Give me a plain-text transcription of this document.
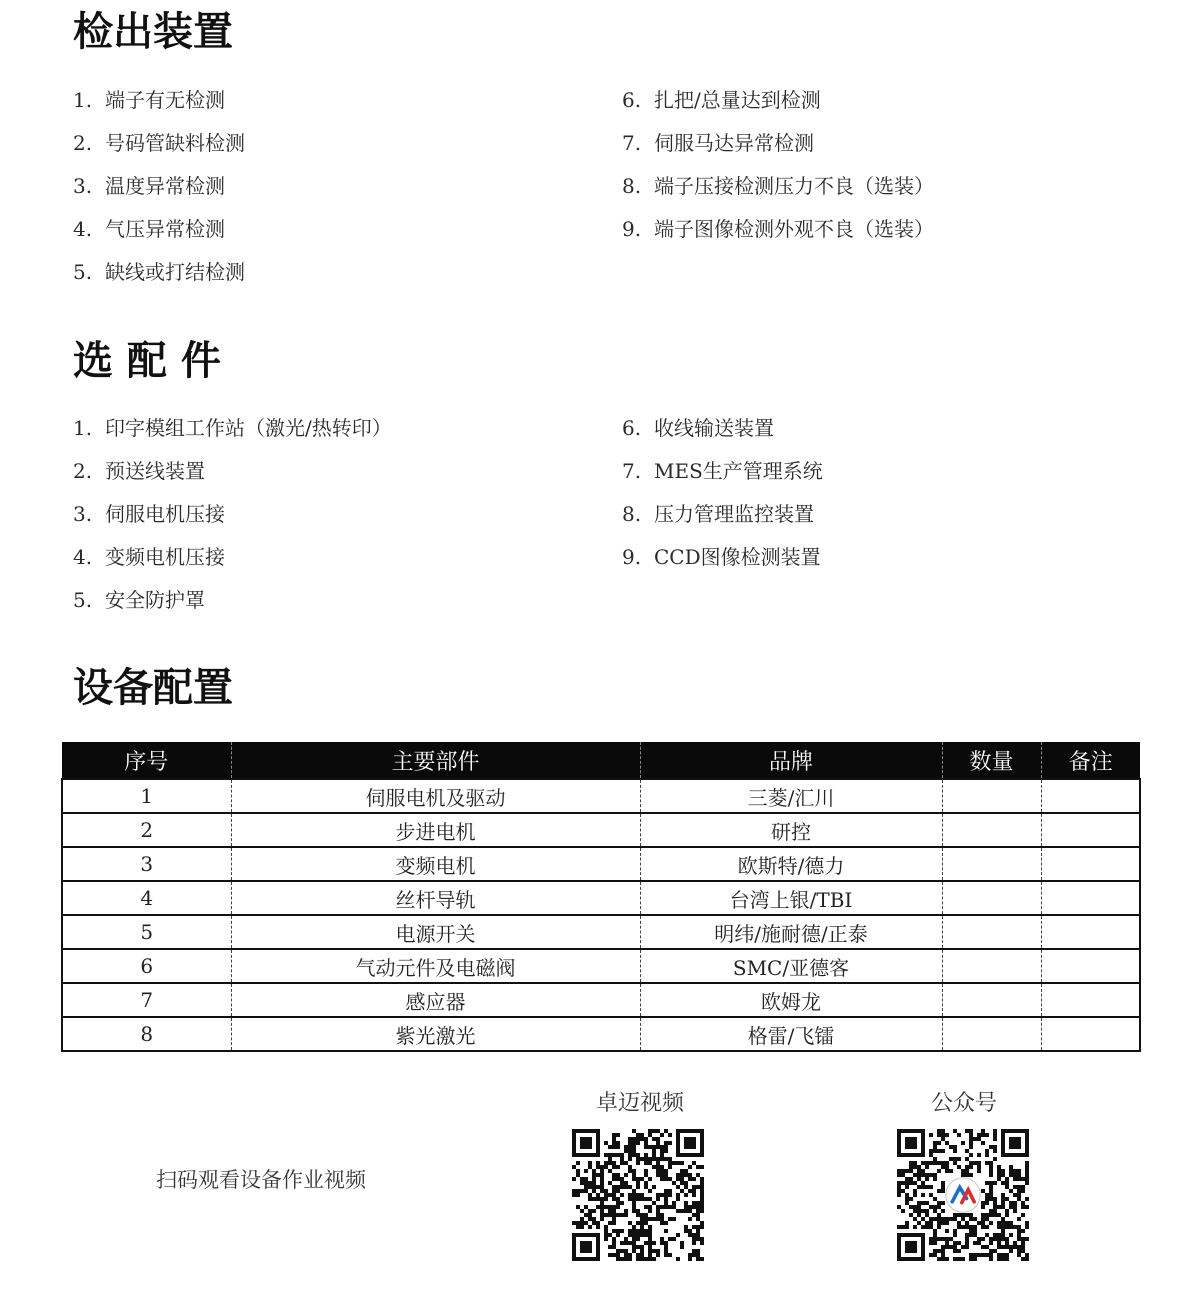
检出装置
1. 端子有无检测
2. 号码管缺料检测
3. 温度异常检测
4. 气压异常检测
5. 缺线或打结检测
6. 扎把/总量达到检测
7. 伺服马达异常检测
8. 端子压接检测压力不良（选装）
9. 端子图像检测外观不良（选装）
选 配 件
1. 印字模组工作站（激光/热转印）
2. 预送线装置
3. 伺服电机压接
4. 变频电机压接
5. 安全防护罩
6. 收线输送装置
7. MES生产管理系统
8. 压力管理监控装置
9. CCD图像检测装置
设备配置
序号	主要部件	品牌	数量	备注
1	伺服电机及驱动	三菱/汇川		
2	步进电机	研控		
3	变频电机	欧斯特/德力		
4	丝杆导轨	台湾上银/TBI		
5	电源开关	明纬/施耐德/正泰		
6	气动元件及电磁阀	SMC/亚德客		
7	感应器	欧姆龙		
8	紫光激光	格雷/飞镭		
扫码观看设备作业视频
卓迈视频	公众号
